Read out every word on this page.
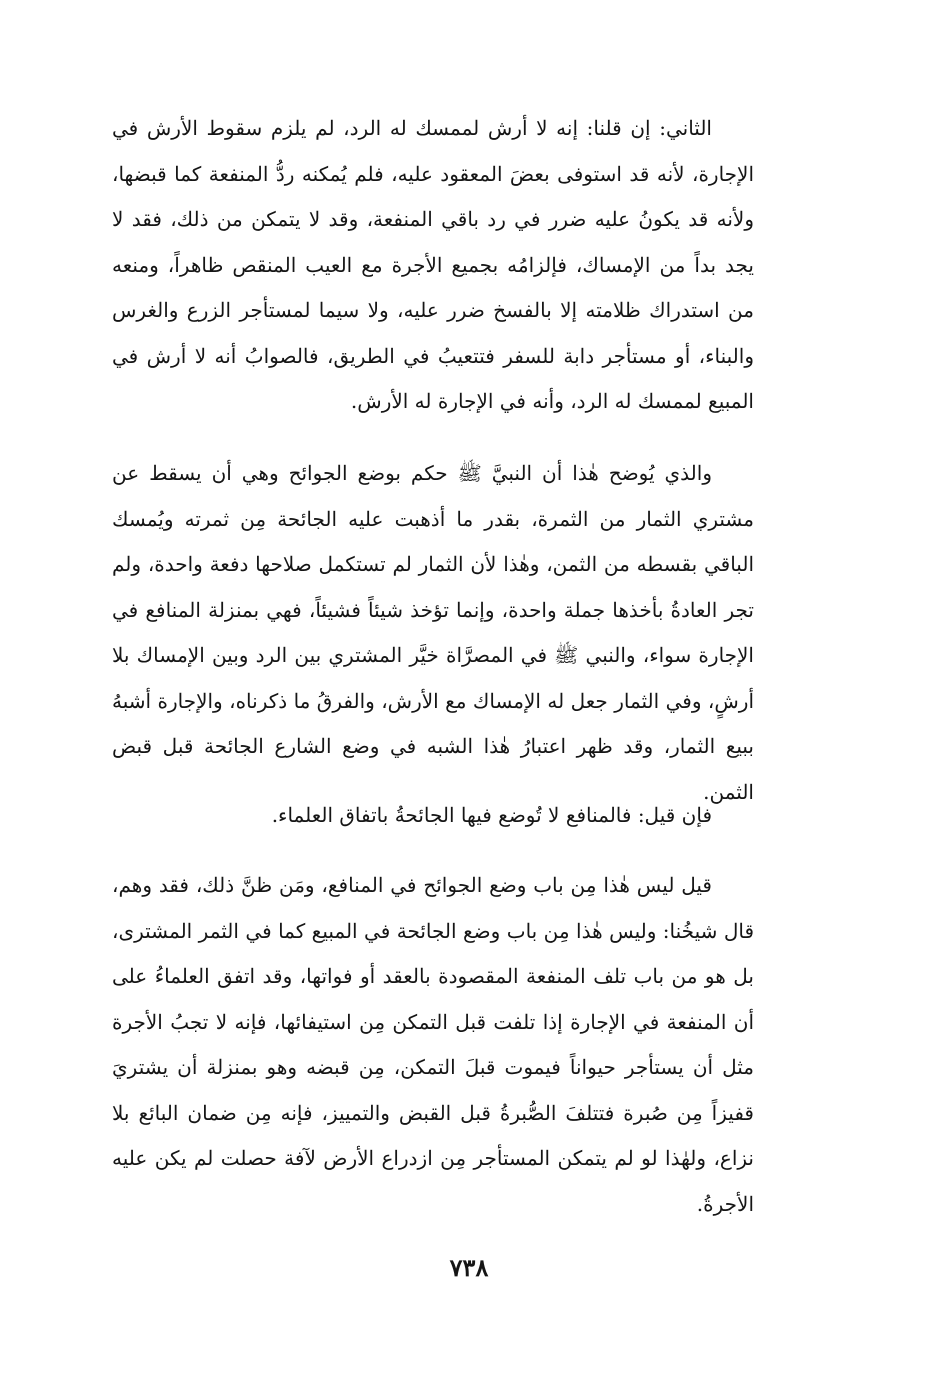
الثاني: إن قلنا: إنه لا أرش لممسك له الرد، لم يلزم سقوط الأرش في الإجارة، لأنه قد استوفى بعضَ المعقود عليه، فلم يُمكنه ردُّ المنفعة كما قبضها، ولأنه قد يكونُ عليه ضرر في رد باقي المنفعة، وقد لا يتمكن من ذلك، فقد لا يجد بداً من الإمساك، فإلزامُه بجميع الأجرة مع العيب المنقص ظاهراً، ومنعه من استدراك ظلامته إلا بالفسخ ضرر عليه، ولا سيما لمستأجر الزرع والغرس والبناء، أو مستأجر دابة للسفر فتتعيبُ في الطريق، فالصوابُ أنه لا أرش في المبيع لممسك له الرد، وأنه في الإجارة له الأرش.

والذي يُوضح هٰذا أن النبيَّ ﷺ حكم بوضع الجوائح وهي أن يسقط عن مشتري الثمار من الثمرة، بقدر ما أذهبت عليه الجائحة مِن ثمرته ويُمسك الباقي بقسطه من الثمن، وهٰذا لأن الثمار لم تستكمل صلاحها دفعة واحدة، ولم تجر العادةُ بأخذها جملة واحدة، وإنما تؤخذ شيئاً فشيئاً، فهي بمنزلة المنافع في الإجارة سواء، والنبي ﷺ في المصرَّاة خيَّر المشتري بين الرد وبين الإمساك بلا أرشٍ، وفي الثمار جعل له الإمساك مع الأرش، والفرقُ ما ذكرناه، والإجارة أشبهُ ببيع الثمار، وقد ظهر اعتبارُ هٰذا الشبه في وضع الشارع الجائحة قبل قبض الثمن.

فإن قيل: فالمنافع لا تُوضع فيها الجائحةُ باتفاق العلماء.

قيل ليس هٰذا مِن باب وضع الجوائح في المنافع، ومَن ظنَّ ذلك، فقد وهم، قال شيخُنا: وليس هٰذا مِن باب وضع الجائحة في المبيع كما في الثمر المشترى، بل هو من باب تلف المنفعة المقصودة بالعقد أو فواتها، وقد اتفق العلماءُ على أن المنفعة في الإجارة إذا تلفت قبل التمكن مِن استيفائها، فإنه لا تجبُ الأجرة مثل أن يستأجر حيواناً فيموت قبلَ التمكن، مِن قبضه وهو بمنزلة أن يشتريَ قفيزاً مِن صُبرة فتتلفَ الصُّبرةُ قبل القبض والتمييز، فإنه مِن ضمان البائع بلا نزاع، ولهٰذا لو لم يتمكن المستأجر مِن ازدراع الأرض لآفة حصلت لم يكن عليه الأجرةُ.

٧٣٨
